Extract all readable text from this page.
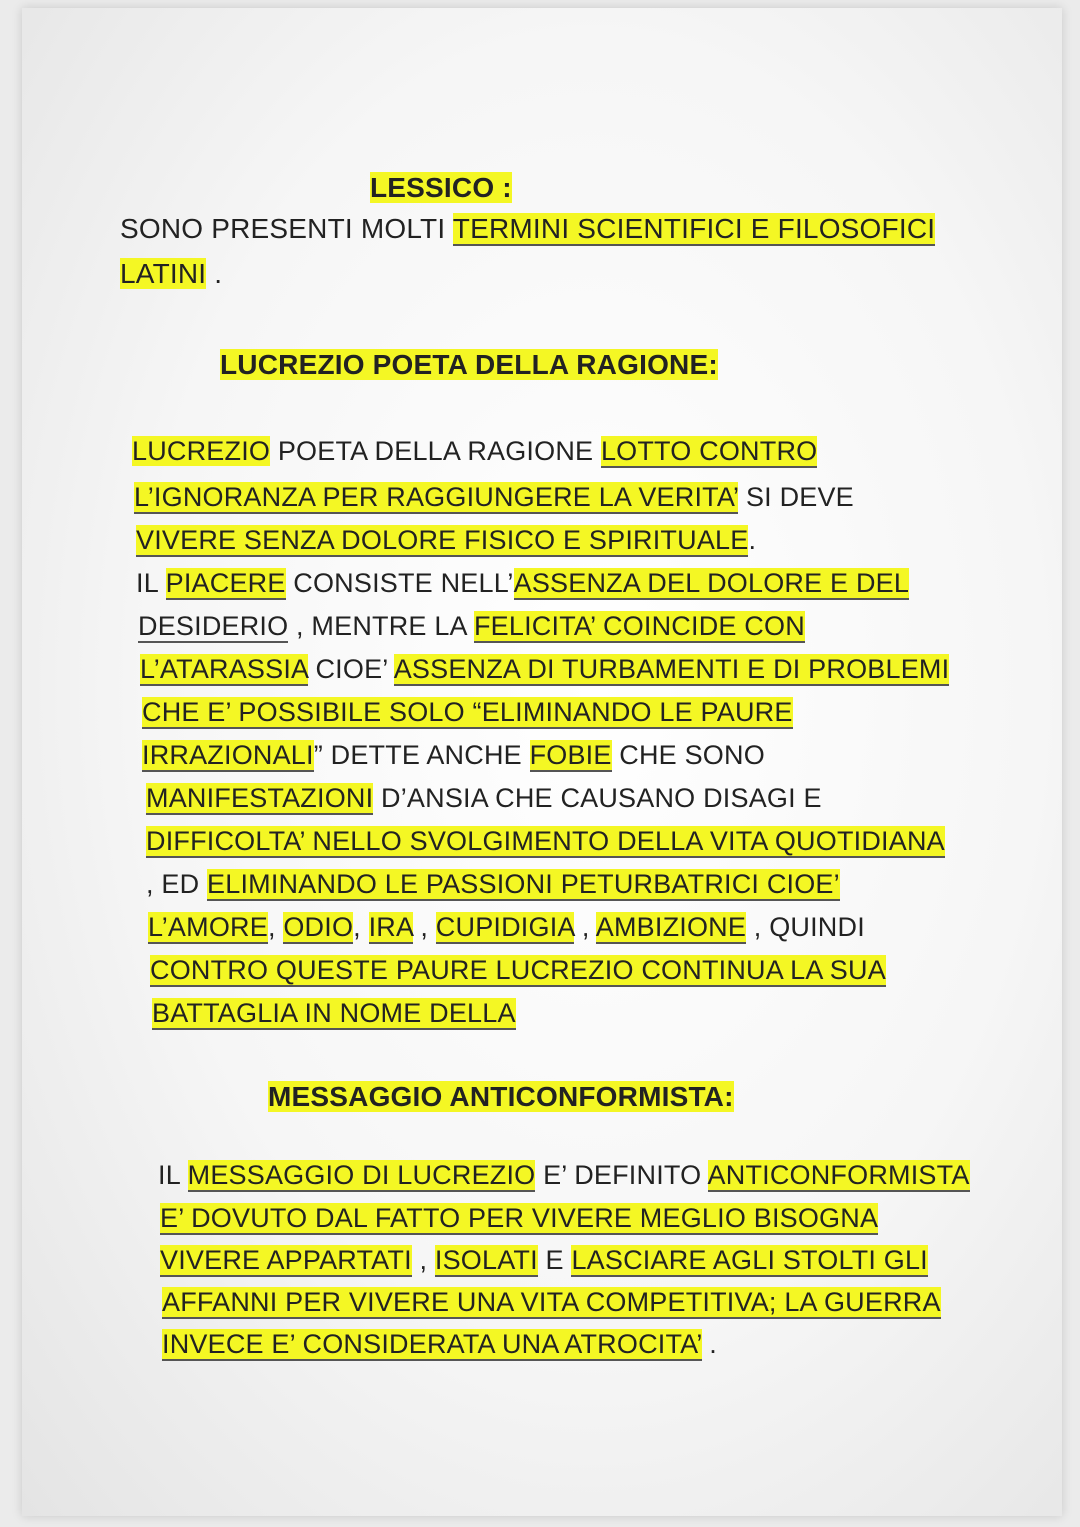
LESSICO :
SONO PRESENTI MOLTI TERMINI SCIENTIFICI E FILOSOFICI
LATINI .
LUCREZIO POETA DELLA RAGIONE:
LUCREZIO POETA DELLA RAGIONE LOTTO CONTRO
L’IGNORANZA PER RAGGIUNGERE LA VERITA’ SI DEVE
VIVERE SENZA DOLORE FISICO E SPIRITUALE.
IL PIACERE CONSISTE NELL’ASSENZA DEL DOLORE E DEL
DESIDERIO , MENTRE LA FELICITA’ COINCIDE CON
L’ATARASSIA CIOE’ ASSENZA DI TURBAMENTI E DI PROBLEMI
CHE E’ POSSIBILE SOLO “ELIMINANDO LE PAURE
IRRAZIONALI” DETTE ANCHE FOBIE CHE SONO
MANIFESTAZIONI D’ANSIA CHE CAUSANO DISAGI E
DIFFICOLTA’ NELLO SVOLGIMENTO DELLA VITA QUOTIDIANA
, ED ELIMINANDO LE PASSIONI PETURBATRICI CIOE’
L’AMORE, ODIO, IRA , CUPIDIGIA , AMBIZIONE , QUINDI
CONTRO QUESTE PAURE LUCREZIO CONTINUA LA SUA
BATTAGLIA IN NOME DELLA
MESSAGGIO ANTICONFORMISTA:
IL MESSAGGIO DI LUCREZIO E’ DEFINITO ANTICONFORMISTA
E’ DOVUTO DAL FATTO PER VIVERE MEGLIO BISOGNA
VIVERE APPARTATI , ISOLATI E LASCIARE AGLI STOLTI GLI
AFFANNI PER VIVERE UNA VITA COMPETITIVA; LA GUERRA
INVECE E’ CONSIDERATA UNA ATROCITA’ .
